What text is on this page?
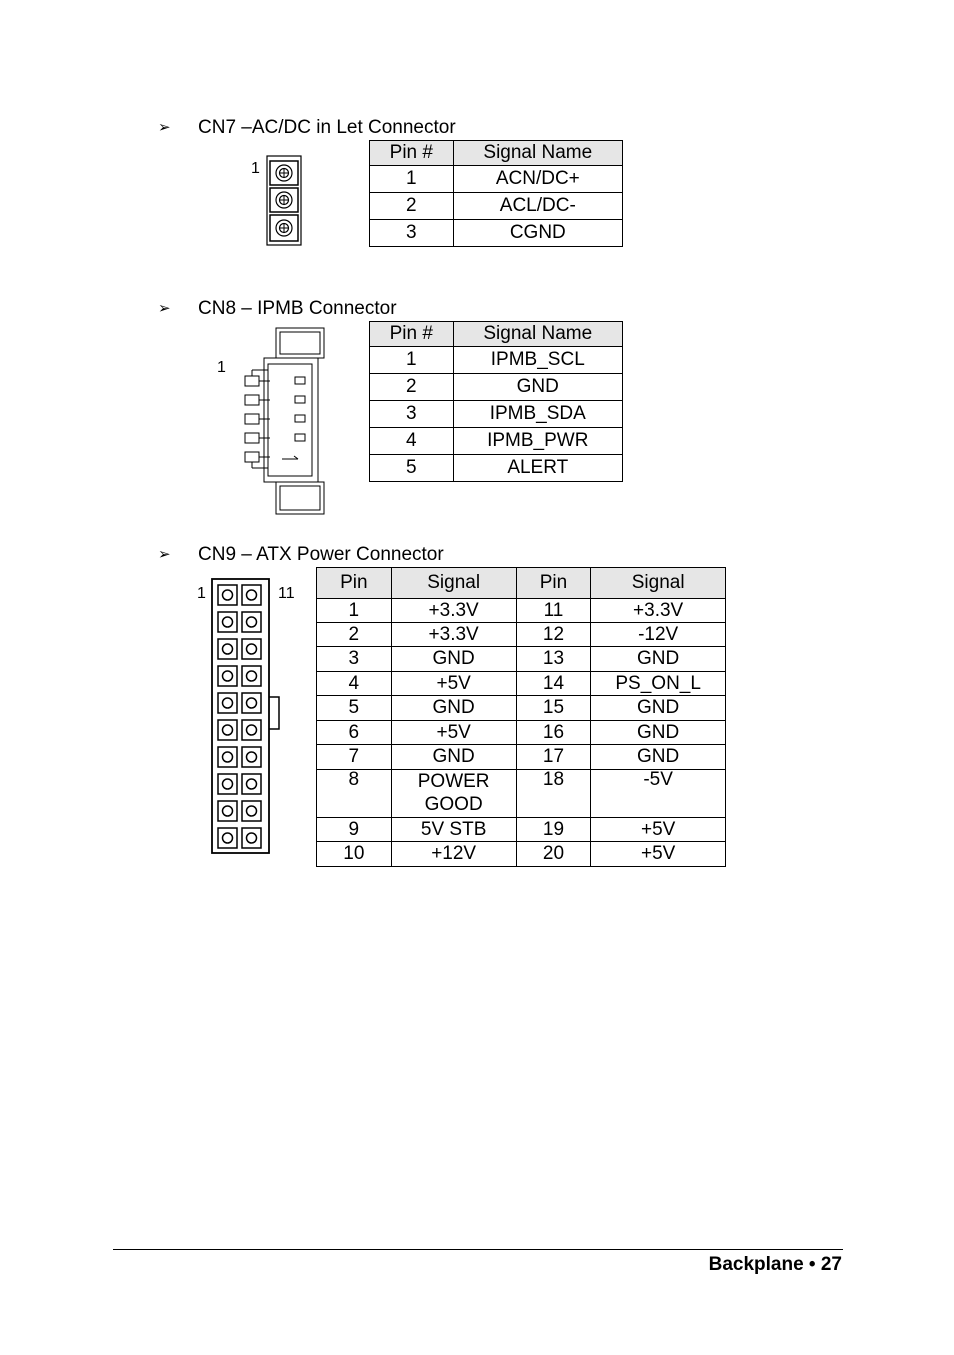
➢ CN7 –AC/DC in Let Connector
1
Pin #	Signal Name
1	ACN/DC+
2	ACL/DC-
3	CGND
➢ CN8 – IPMB Connector
1
Pin #	Signal Name
1	IPMB_SCL
2	GND
3	IPMB_SDA
4	IPMB_PWR
5	ALERT
➢ CN9 – ATX Power Connector
1	11
Pin	Signal	Pin	Signal
1	+3.3V	11	+3.3V
2	+3.3V	12	-12V
3	GND	13	GND
4	+5V	14	PS_ON_L
5	GND	15	GND
6	+5V	16	GND
7	GND	17	GND
8	POWER GOOD	18	-5V
9	5V STB	19	+5V
10	+12V	20	+5V
Backplane • 27
